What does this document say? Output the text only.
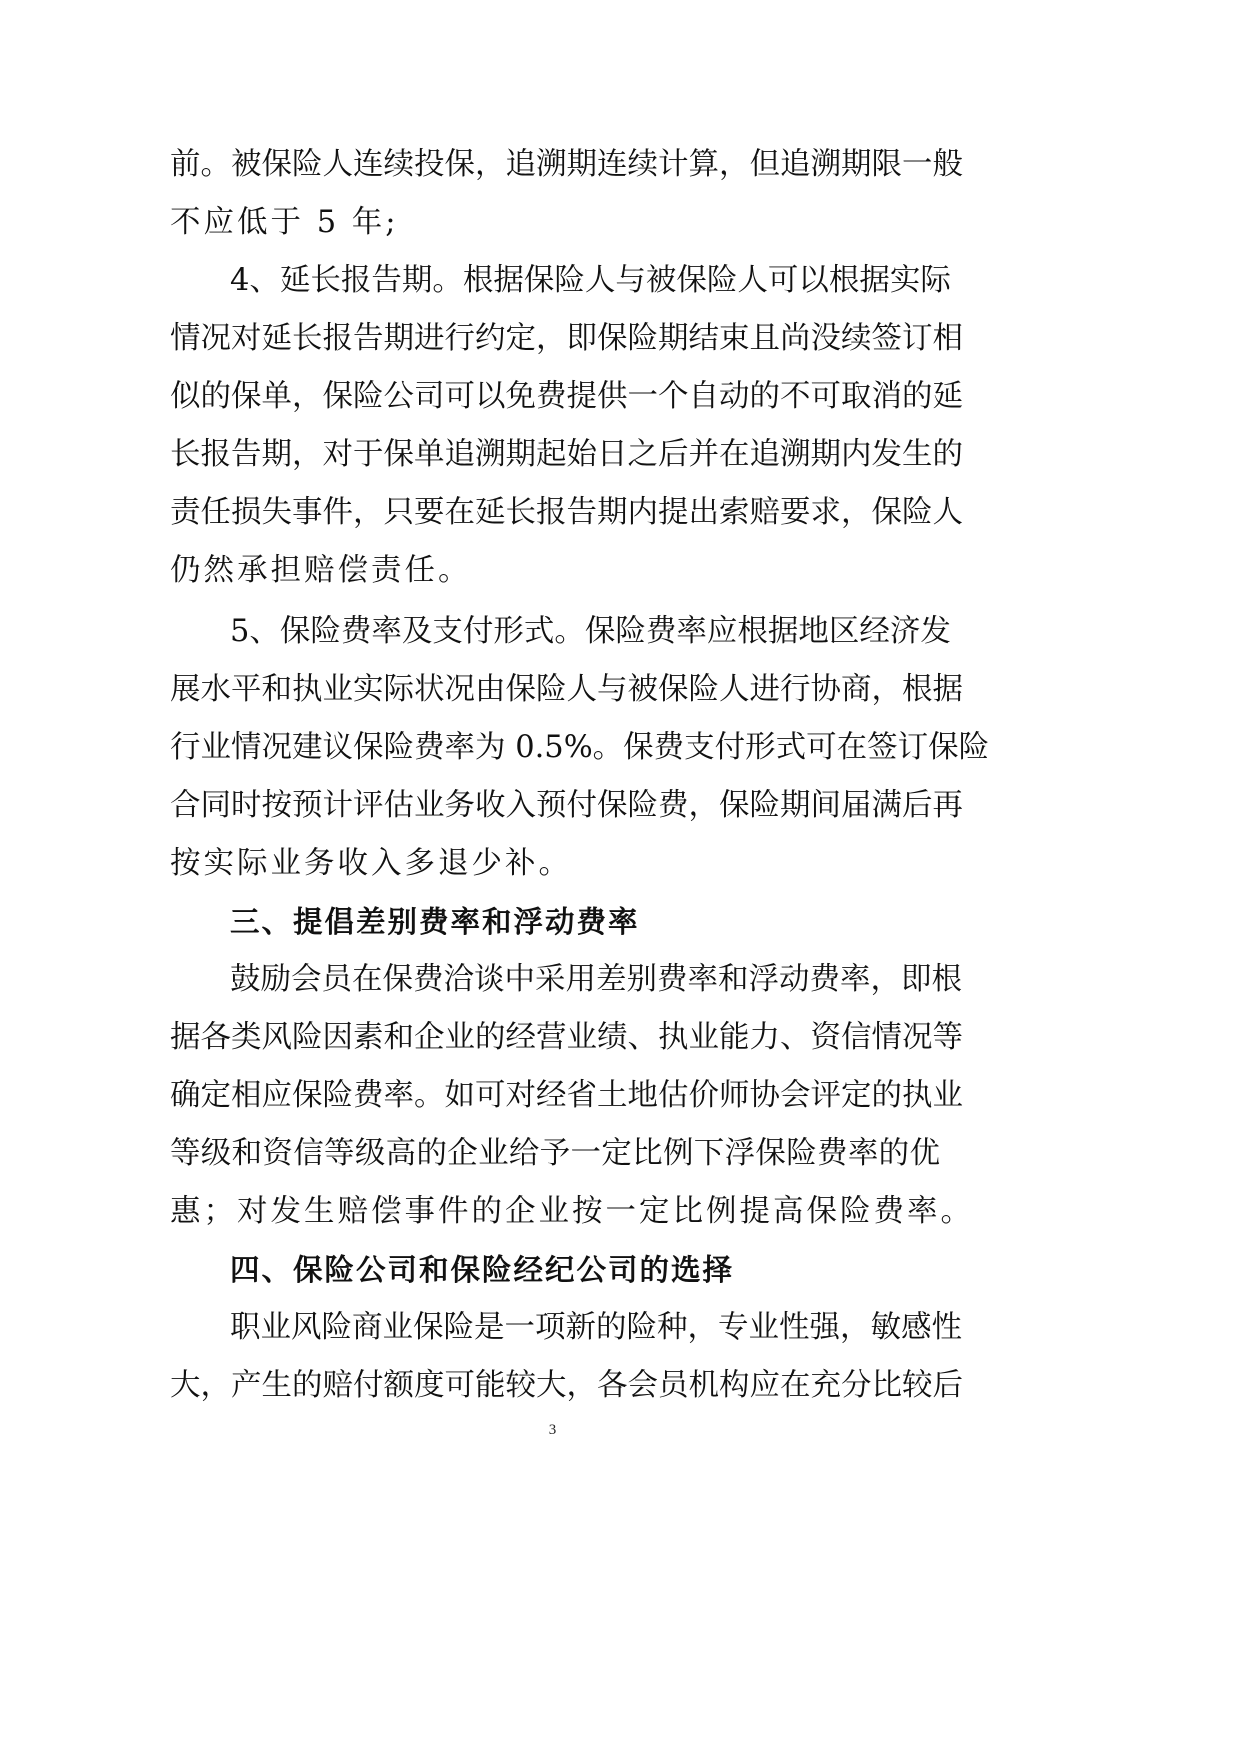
前。被保险人连续投保，追溯期连续计算，但追溯期限一般
不应低于 5 年;
4、延长报告期。根据保险人与被保险人可以根据实际
情况对延长报告期进行约定，即保险期结束且尚没续签订相
似的保单，保险公司可以免费提供一个自动的不可取消的延
长报告期，对于保单追溯期起始日之后并在追溯期内发生的
责任损失事件，只要在延长报告期内提出索赔要求，保险人
仍然承担赔偿责任。
5、保险费率及支付形式。保险费率应根据地区经济发
展水平和执业实际状况由保险人与被保险人进行协商，根据
行业情况建议保险费率为 0.5%。保费支付形式可在签订保险
合同时按预计评估业务收入预付保险费，保险期间届满后再
按实际业务收入多退少补。
三、提倡差别费率和浮动费率
鼓励会员在保费洽谈中采用差别费率和浮动费率，即根
据各类风险因素和企业的经营业绩、执业能力、资信情况等
确定相应保险费率。如可对经省土地估价师协会评定的执业
等级和资信等级高的企业给予一定比例下浮保险费率的优
惠；对发生赔偿事件的企业按一定比例提高保险费率。
四、保险公司和保险经纪公司的选择
职业风险商业保险是一项新的险种，专业性强，敏感性
大，产生的赔付额度可能较大，各会员机构应在充分比较后
3
